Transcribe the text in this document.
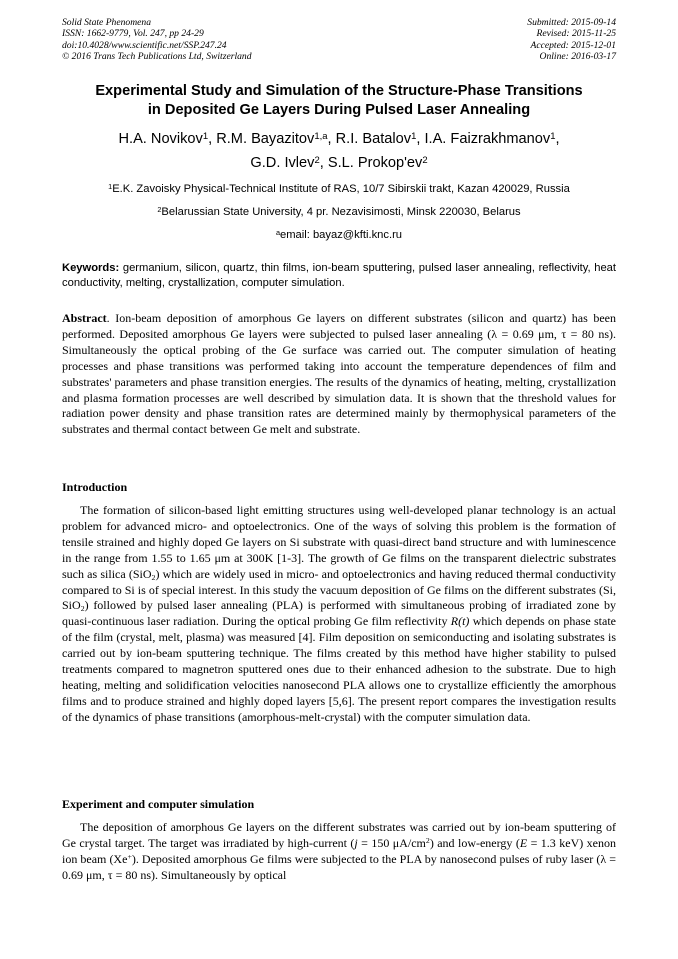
Solid State Phenomena
ISSN: 1662-9779, Vol. 247, pp 24-29
doi:10.4028/www.scientific.net/SSP.247.24
© 2016 Trans Tech Publications Ltd, Switzerland
Submitted: 2015-09-14
Revised: 2015-11-25
Accepted: 2015-12-01
Online: 2016-03-17
Experimental Study and Simulation of the Structure-Phase Transitions
in Deposited Ge Layers During Pulsed Laser Annealing
H.A. Novikov$^1$, R.M. Bayazitov$^{1,a}$, R.I. Batalov$^1$, I.A. Faizrakhmanov$^1$,
G.D. Ivlev$^2$, S.L. $Prokop'ev^2$
$^1$E.K. Zavoisky Physical-Technical Institute of RAS, 10/7 Sibirskii trakt, Kazan 420029, Russia
$^2$Belarussian State University, 4 pr. Nezavisimosti, Minsk 220030, Belarus
$^a$email: bayaz@kfti.knc.ru
Keywords: germanium, silicon, quartz, thin films, ion-beam sputtering, pulsed laser annealing, reflectivity, heat conductivity, melting, crystallization, computer simulation.
Abstract. Ion-beam deposition of amorphous Ge layers on different substrates (silicon and quartz) has been performed. Deposited amorphous Ge layers were subjected to pulsed laser annealing (λ = 0.69 μm, τ = 80 ns). Simultaneously the optical probing of the Ge surface was carried out. The computer simulation of heating processes and phase transitions was performed taking into account the temperature dependences of film and substrates' parameters and phase transition energies. The results of the dynamics of heating, melting, crystallization and plasma formation processes are well described by simulation data. It is shown that the threshold values for radiation power density and phase transition rates are determined mainly by thermophysical parameters of the substrates and thermal contact between Ge melt and substrate.
Introduction
The formation of silicon-based light emitting structures using well-developed planar technology is an actual problem for advanced micro- and optoelectronics. One of the ways of solving this problem is the formation of tensile strained and highly doped Ge layers on Si substrate with quasi-direct band structure and with luminescence in the range from 1.55 to 1.65 μm at 300K [1-3]. The growth of Ge films on the transparent dielectric substrates such as silica (SiO$_2$) which are widely used in micro- and optoelectronics and having reduced thermal conductivity compared to Si is of special interest. In this study the vacuum deposition of Ge films on the different substrates (Si, SiO$_2$) followed by pulsed laser annealing (PLA) is performed with simultaneous probing of irradiated zone by quasi-continuous laser radiation. During the optical probing Ge film reflectivity R(t) which depends on phase state of the film (crystal, melt, plasma) was measured [4]. Film deposition on semiconducting and isolating substrates is carried out by ion-beam sputtering technique. The films created by this method have higher stability to pulsed treatments compared to magnetron sputtered ones due to their enhanced adhesion to the substrate. Due to high heating, melting and solidification velocities nanosecond PLA allows one to crystallize efficiently the amorphous films and to produce strained and highly doped layers [5,6]. The present report compares the investigation results of the dynamics of phase transitions (amorphous-melt-crystal) with the computer simulation data.
Experiment and computer simulation
The deposition of amorphous Ge layers on the different substrates was carried out by ion-beam sputtering of Ge crystal target. The target was irradiated by high-current (j = 150 $\mu A/cm^2$) and low-energy (E = 1.3 keV) xenon ion beam (Xe+). Deposited amorphous Ge films were subjected to the PLA by nanosecond pulses of ruby laser (λ = 0.69 μm, τ = 80 ns). Simultaneously by optical
